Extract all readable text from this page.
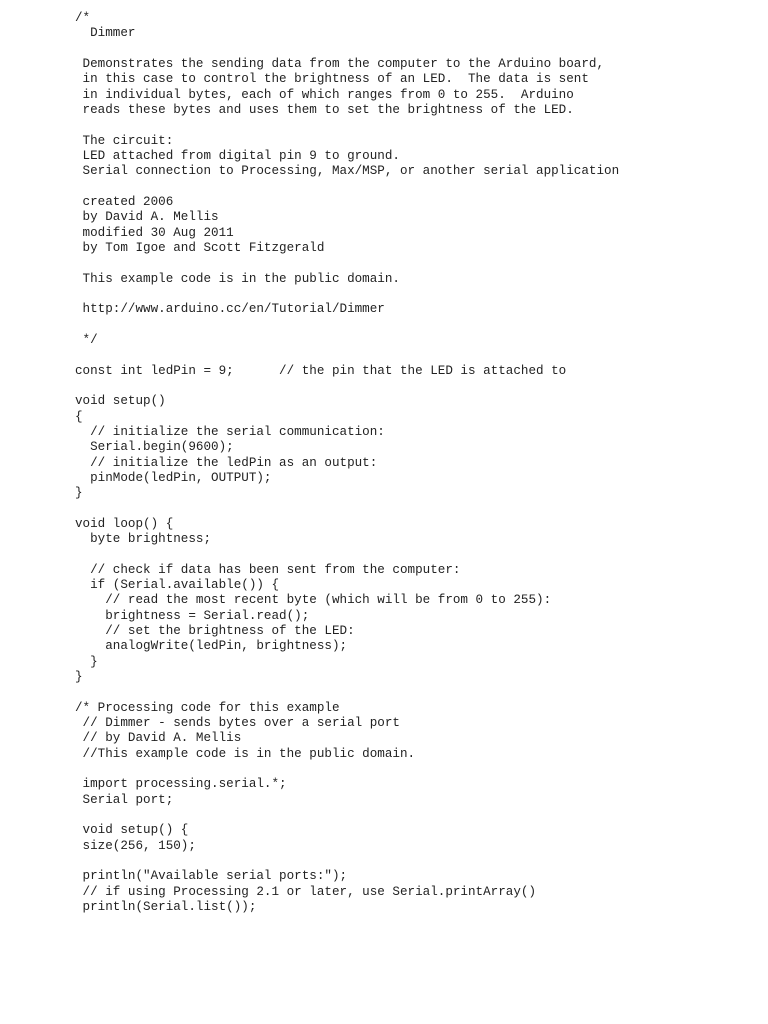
/*
Dimmer
Demonstrates the sending data from the computer to the Arduino board,
in this case to control the brightness of an LED.  The data is sent
in individual bytes, each of which ranges from 0 to 255.  Arduino
reads these bytes and uses them to set the brightness of the LED.
The circuit:
LED attached from digital pin 9 to ground.
Serial connection to Processing, Max/MSP, or another serial application
created 2006
by David A. Mellis
modified 30 Aug 2011
by Tom Igoe and Scott Fitzgerald
This example code is in the public domain.
http://www.arduino.cc/en/Tutorial/Dimmer
*/
const int ledPin = 9;      // the pin that the LED is attached to
void setup()
{
// initialize the serial communication:
Serial.begin(9600);
// initialize the ledPin as an output:
pinMode(ledPin, OUTPUT);
}
void loop() {
byte brightness;
// check if data has been sent from the computer:
if (Serial.available()) {
// read the most recent byte (which will be from 0 to 255):
brightness = Serial.read();
// set the brightness of the LED:
analogWrite(ledPin, brightness);
}
}
/* Processing code for this example
// Dimmer - sends bytes over a serial port
// by David A. Mellis
//This example code is in the public domain.
import processing.serial.*;
Serial port;
void setup() {
size(256, 150);
println("Available serial ports:");
// if using Processing 2.1 or later, use Serial.printArray()
println(Serial.list());
